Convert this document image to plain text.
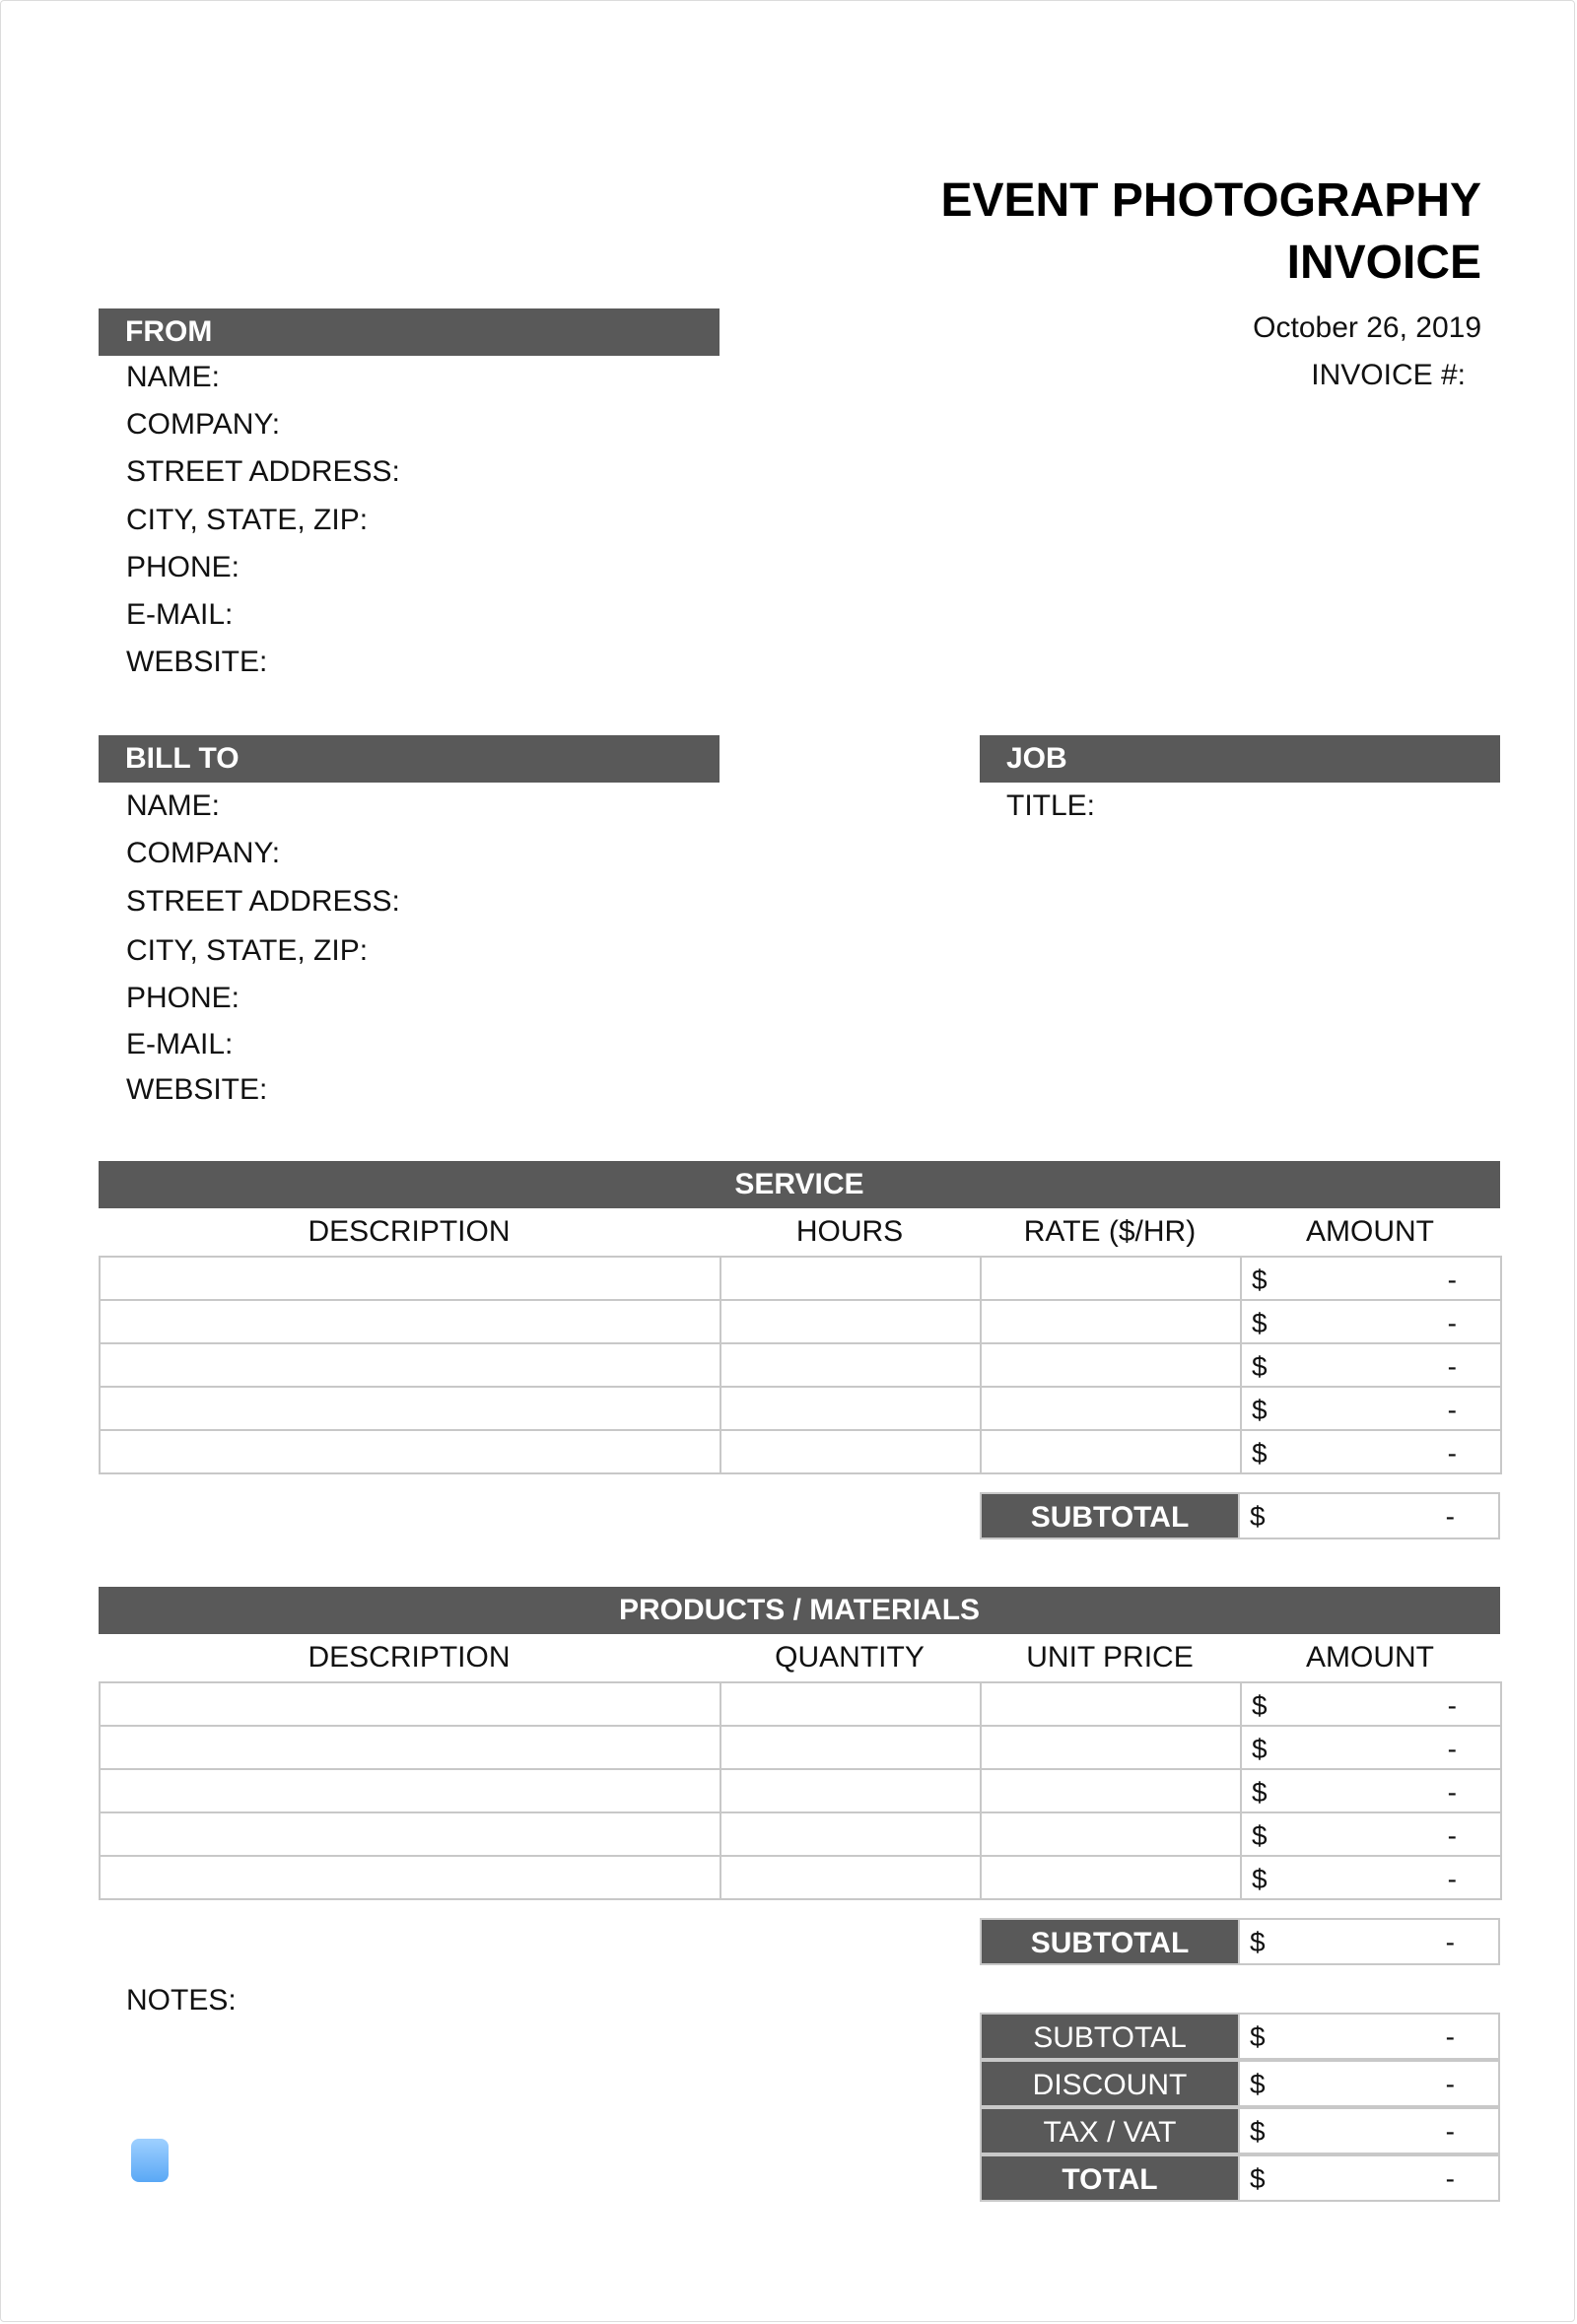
EVENT PHOTOGRAPHY
INVOICE
October 26, 2019
INVOICE #:
FROM
NAME:
COMPANY:
STREET ADDRESS:
CITY, STATE, ZIP:
PHONE:
E-MAIL:
WEBSITE:
BILL TO
NAME:
COMPANY:
STREET ADDRESS:
CITY, STATE, ZIP:
PHONE:
E-MAIL:
WEBSITE:
JOB
TITLE:
SERVICE
DESCRIPTION	HOURS	RATE ($/HR)	AMOUNT

			$ -

			$ -

			$ -

			$ -

			$ -
SUBTOTAL	$	-
PRODUCTS / MATERIALS
DESCRIPTION	QUANTITY	UNIT PRICE	AMOUNT

			$ -

			$ -

			$ -

			$ -

			$ -
SUBTOTAL	$	-
NOTES:
SUBTOTAL	$	-
DISCOUNT	$	-
TAX / VAT	$	-
TOTAL	$	-
